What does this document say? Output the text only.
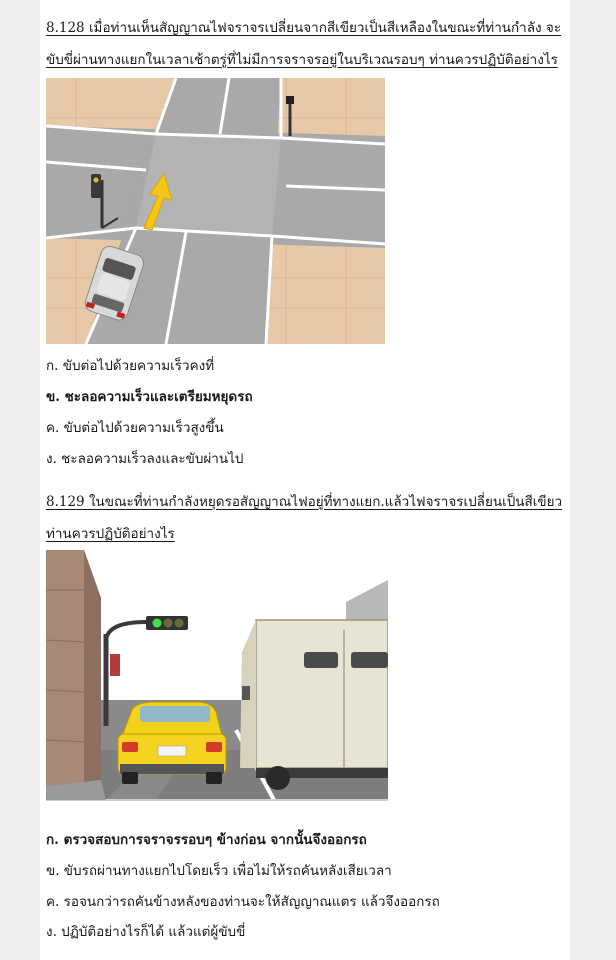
8.128 เมื่อท่านเห็นสัญญาณไฟจราจรเปลี่ยนจากสีเขียวเป็นสีเหลืองในขณะที่ท่านกำลัง จะขับขี่ผ่านทางแยกในเวลาเช้าตรู่ที่ไม่มีการจราจรอยู่ในบริเวณรอบๆ ท่านควรปฏิบัติอย่างไร

ก. ขับต่อไปด้วยความเร็วคงที่

ข. ชะลอความเร็วและเตรียมหยุดรถ

ค. ขับต่อไปด้วยความเร็วสูงขึ้น

ง. ชะลอความเร็วลงและขับผ่านไป

8.129 ในขณะที่ท่านกำลังหยุดรอสัญญาณไฟอยู่ที่ทางแยก.แล้วไฟจราจรเปลี่ยนเป็นสีเขียว ท่านควรปฏิบัติอย่างไร

ก. ตรวจสอบการจราจรรอบๆ ข้างก่อน จากนั้นจึงออกรถ

ข. ขับรถผ่านทางแยกไปโดยเร็ว เพื่อไม่ให้รถคันหลังเสียเวลา

ค. รอจนกว่ารถคันข้างหลังของท่านจะให้สัญญาณแตร แล้วจึงออกรถ

ง. ปฏิบัติอย่างไรก็ได้ แล้วแต่ผู้ขับขี่
